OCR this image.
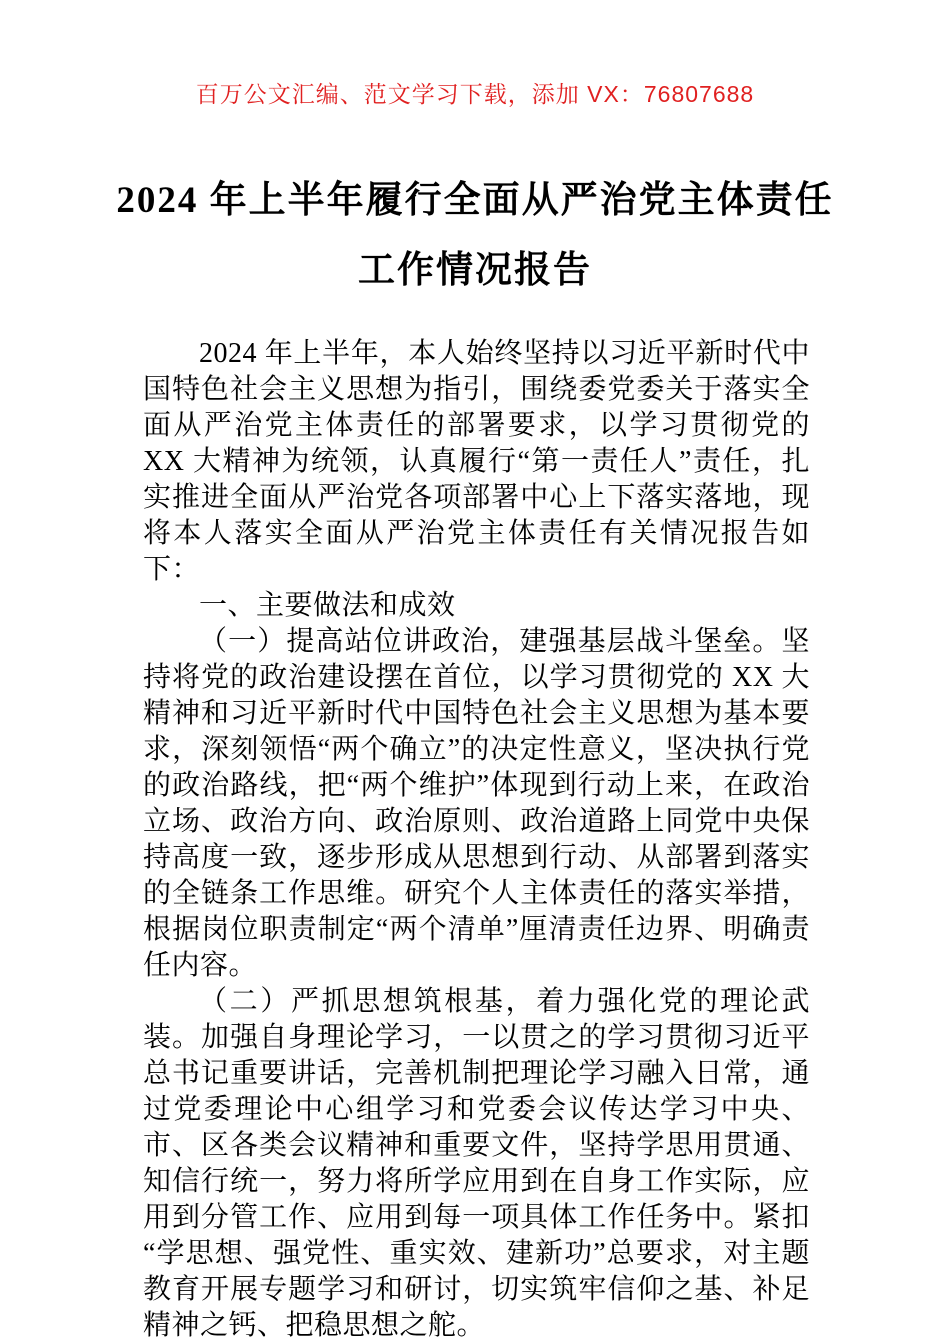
百万公文汇编、范文学习下载，添加 VX：76807688
2024 年上半年履行全面从严治党主体责任
工作情况报告

2024 年上半年，本人始终坚持以习近平新时代中国特色社会主义思想为指引，围绕委党委关于落实全面从严治党主体责任的部署要求，以学习贯彻党的 XX 大精神为统领，认真履行“第一责任人”责任，扎实推进全面从严治党各项部署中心上下落实落地，现将本人落实全面从严治党主体责任有关情况报告如下：

一、主要做法和成效

（一）提高站位讲政治，建强基层战斗堡垒。坚持将党的政治建设摆在首位，以学习贯彻党的 XX 大精神和习近平新时代中国特色社会主义思想为基本要求，深刻领悟“两个确立”的决定性意义，坚决执行党的政治路线，把“两个维护”体现到行动上来，在政治立场、政治方向、政治原则、政治道路上同党中央保持高度一致，逐步形成从思想到行动、从部署到落实的全链条工作思维。研究个人主体责任的落实举措，根据岗位职责制定“两个清单”厘清责任边界、明确责任内容。

（二）严抓思想筑根基，着力强化党的理论武装。加强自身理论学习，一以贯之的学习贯彻习近平总书记重要讲话，完善机制把理论学习融入日常，通过党委理论中心组学习和党委会议传达学习中央、市、区各类会议精神和重要文件，坚持学思用贯通、知信行统一，努力将所学应用到在自身工作实际，应用到分管工作、应用到每一项具体工作任务中。紧扣“学思想、强党性、重实效、建新功”总要求，对主题教育开展专题学习和研讨，切实筑牢信仰之基、补足精神之钙、把稳思想之舵。
